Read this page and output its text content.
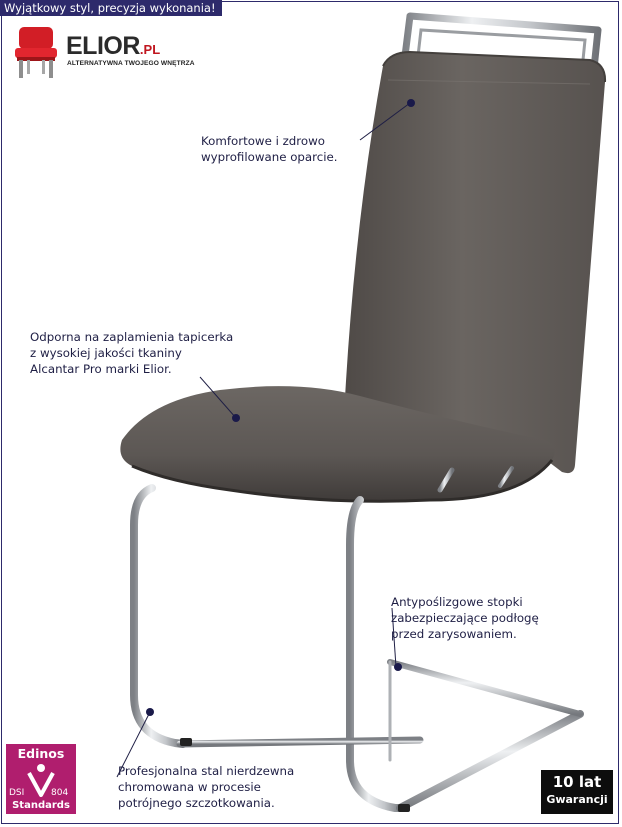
Wyjątkowy styl, precyzja wykonania!
ELIOR.PL
ALTERNATYWNA TWOJEGO WNĘTRZA
Komfortowe i zdrowo
wyprofilowane oparcie.
Odporna na zaplamienia tapicerka
z wysokiej jakości tkaniny
Alcantar Pro marki Elior.
Antypoślizgowe stopki
zabezpieczające podłogę
przed zarysowaniem.
Profesjonalna stal nierdzewna
chromowana w procesie
potrójnego szczotkowania.
Edinos
DSI	804
Standards
10 lat
Gwarancji
